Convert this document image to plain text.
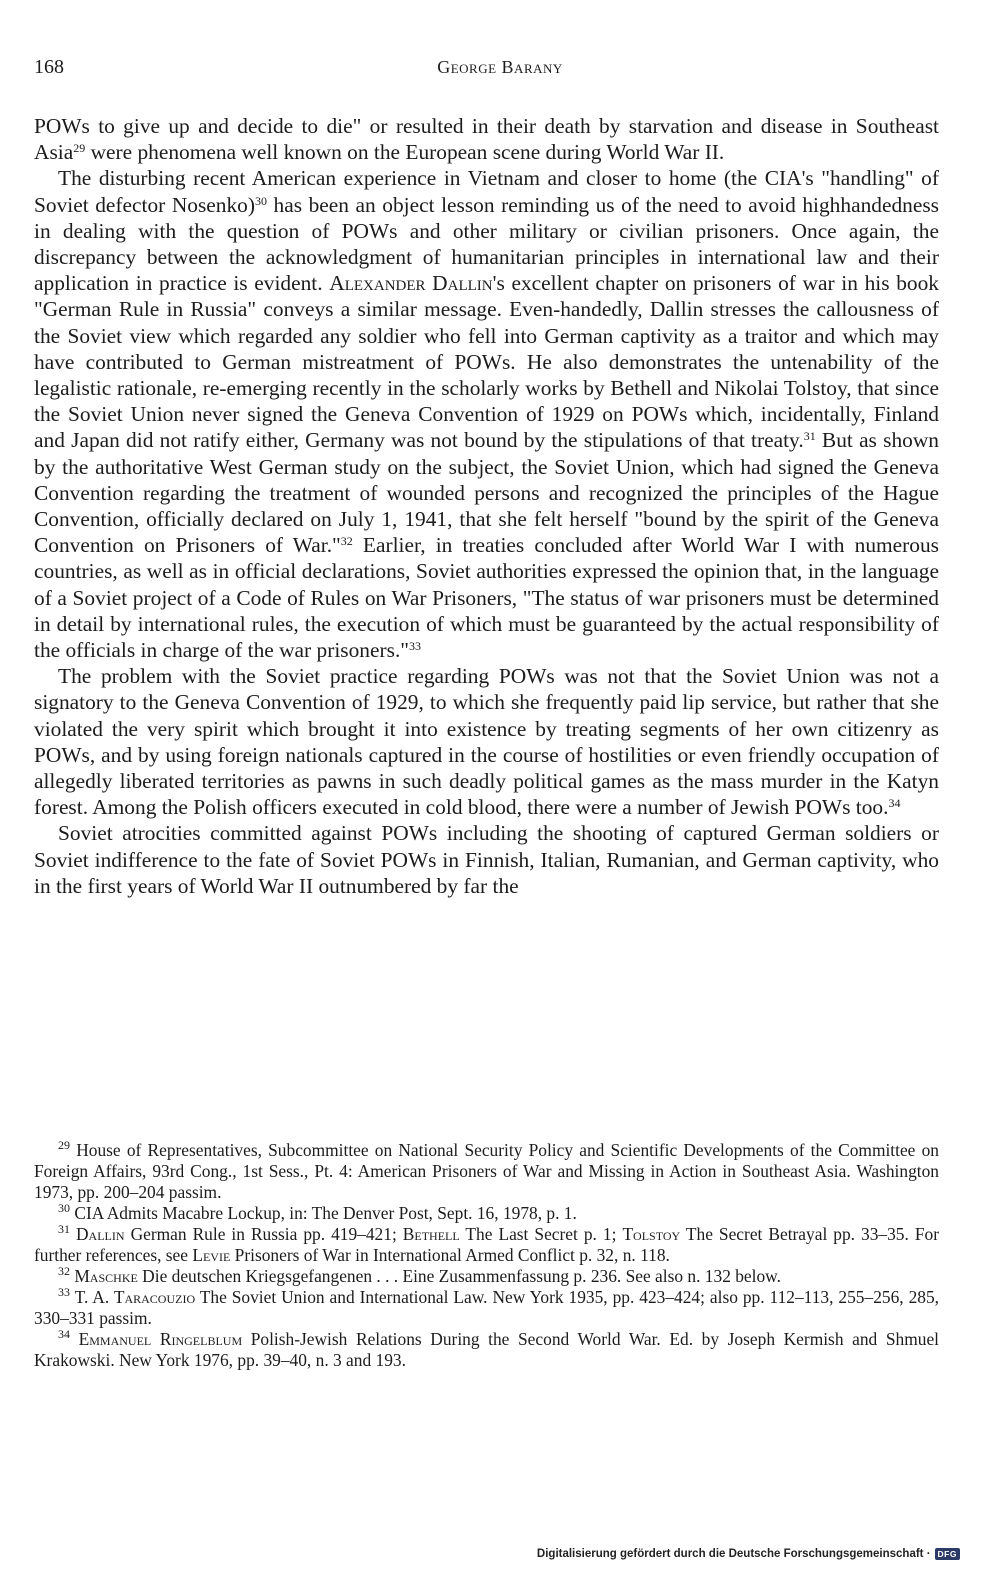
168	George Barany

POWs to give up and decide to die" or resulted in their death by starvation and disease in Southeast Asia$^{29}$ were phenomena well known on the European scene during World War II.

The disturbing recent American experience in Vietnam and closer to home (the CIA's "handling" of Soviet defector Nosenko)$^{30}$ has been an object lesson reminding us of the need to avoid highhandedness in dealing with the question of POWs and other military or civilian prisoners. Once again, the discrepancy between the acknowledgment of humanitarian principles in international law and their application in practice is evident. Alexander Dallin's excellent chapter on prisoners of war in his book "German Rule in Russia" conveys a similar message. Even-handedly, Dallin stresses the callousness of the Soviet view which regarded any soldier who fell into German captivity as a traitor and which may have contributed to German mistreatment of POWs. He also demonstrates the untenability of the legalistic rationale, re-emerging recently in the scholarly works by Bethell and Nikolai Tolstoy, that since the Soviet Union never signed the Geneva Convention of 1929 on POWs which, incidentally, Finland and Japan did not ratify either, Germany was not bound by the stipulations of that treaty.$^{31}$ But as shown by the authoritative West German study on the subject, the Soviet Union, which had signed the Geneva Convention regarding the treatment of wounded persons and recognized the principles of the Hague Convention, officially declared on July 1, 1941, that she felt herself "bound by the spirit of the Geneva Convention on Prisoners of War."$^{32}$ Earlier, in treaties concluded after World War I with numerous countries, as well as in official declarations, Soviet authorities expressed the opinion that, in the language of a Soviet project of a Code of Rules on War Prisoners, "The status of war prisoners must be determined in detail by international rules, the execution of which must be guaranteed by the actual responsibility of the officials in charge of the war prisoners."$^{33}$

The problem with the Soviet practice regarding POWs was not that the Soviet Union was not a signatory to the Geneva Convention of 1929, to which she frequently paid lip service, but rather that she violated the very spirit which brought it into existence by treating segments of her own citizenry as POWs, and by using foreign nationals captured in the course of hostilities or even friendly occupation of allegedly liberated territories as pawns in such deadly political games as the mass murder in the Katyn forest. Among the Polish officers executed in cold blood, there were a number of Jewish POWs too.$^{34}$

Soviet atrocities committed against POWs including the shooting of captured German soldiers or Soviet indifference to the fate of Soviet POWs in Finnish, Italian, Rumanian, and German captivity, who in the first years of World War II outnumbered by far the

$^{29}$ House of Representatives, Subcommittee on National Security Policy and Scientific Developments of the Committee on Foreign Affairs, 93rd Cong., 1st Sess., Pt. 4: American Prisoners of War and Missing in Action in Southeast Asia. Washington 1973, pp. 200–204 passim.

$^{30}$ CIA Admits Macabre Lockup, in: The Denver Post, Sept. 16, 1978, p. 1.

$^{31}$ Dallin German Rule in Russia pp. 419–421; Bethell The Last Secret p. 1; Tolstoy The Secret Betrayal pp. 33–35. For further references, see Levie Prisoners of War in International Armed Conflict p. 32, n. 118.

$^{32}$ Maschke Die deutschen Kriegsgefangenen . . . Eine Zusammenfassung p. 236. See also n. 132 below.

$^{33}$ T. A. Taracouzio The Soviet Union and International Law. New York 1935, pp. 423–424; also pp. 112–113, 255–256, 285, 330–331 passim.

$^{34}$ Emmanuel Ringelblum Polish-Jewish Relations During the Second World War. Ed. by Joseph Kermish and Shmuel Krakowski. New York 1976, pp. 39–40, n. 3 and 193.

Digitalisierung gefördert durch die Deutsche Forschungsgemeinschaft · DFG
